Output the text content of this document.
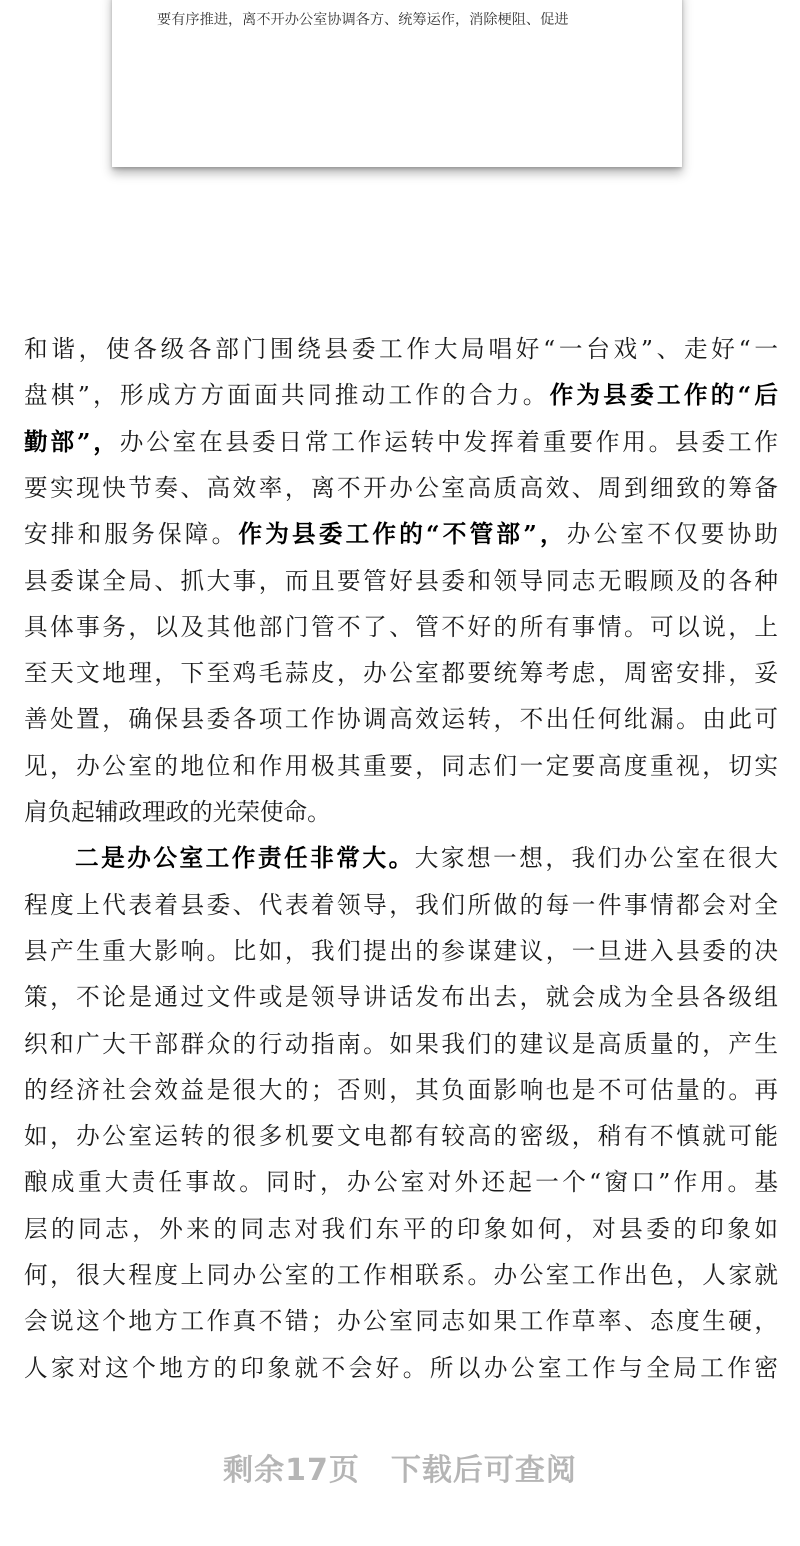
要有序推进，离不开办公室协调各方、统筹运作，消除梗阻、促进
和谐，使各级各部门围绕县委工作大局唱好“一台戏”、走好“一
盘棋”，形成方方面面共同推动工作的合力。作为县委工作的“后
勤部”，办公室在县委日常工作运转中发挥着重要作用。县委工作
要实现快节奏、高效率，离不开办公室高质高效、周到细致的筹备
安排和服务保障。作为县委工作的“不管部”，办公室不仅要协助
县委谋全局、抓大事，而且要管好县委和领导同志无暇顾及的各种
具体事务，以及其他部门管不了、管不好的所有事情。可以说，上
至天文地理，下至鸡毛蒜皮，办公室都要统筹考虑，周密安排，妥
善处置，确保县委各项工作协调高效运转，不出任何纰漏。由此可
见，办公室的地位和作用极其重要，同志们一定要高度重视，切实
肩负起辅政理政的光荣使命。
二是办公室工作责任非常大。大家想一想，我们办公室在很大
程度上代表着县委、代表着领导，我们所做的每一件事情都会对全
县产生重大影响。比如，我们提出的参谋建议，一旦进入县委的决
策，不论是通过文件或是领导讲话发布出去，就会成为全县各级组
织和广大干部群众的行动指南。如果我们的建议是高质量的，产生
的经济社会效益是很大的；否则，其负面影响也是不可估量的。再
如，办公室运转的很多机要文电都有较高的密级，稍有不慎就可能
酿成重大责任事故。同时，办公室对外还起一个“窗口”作用。基
层的同志，外来的同志对我们东平的印象如何，对县委的印象如
何，很大程度上同办公室的工作相联系。办公室工作出色，人家就
会说这个地方工作真不错；办公室同志如果工作草率、态度生硬，
人家对这个地方的印象就不会好。所以办公室工作与全局工作密
剩余17页　下载后可查阅
